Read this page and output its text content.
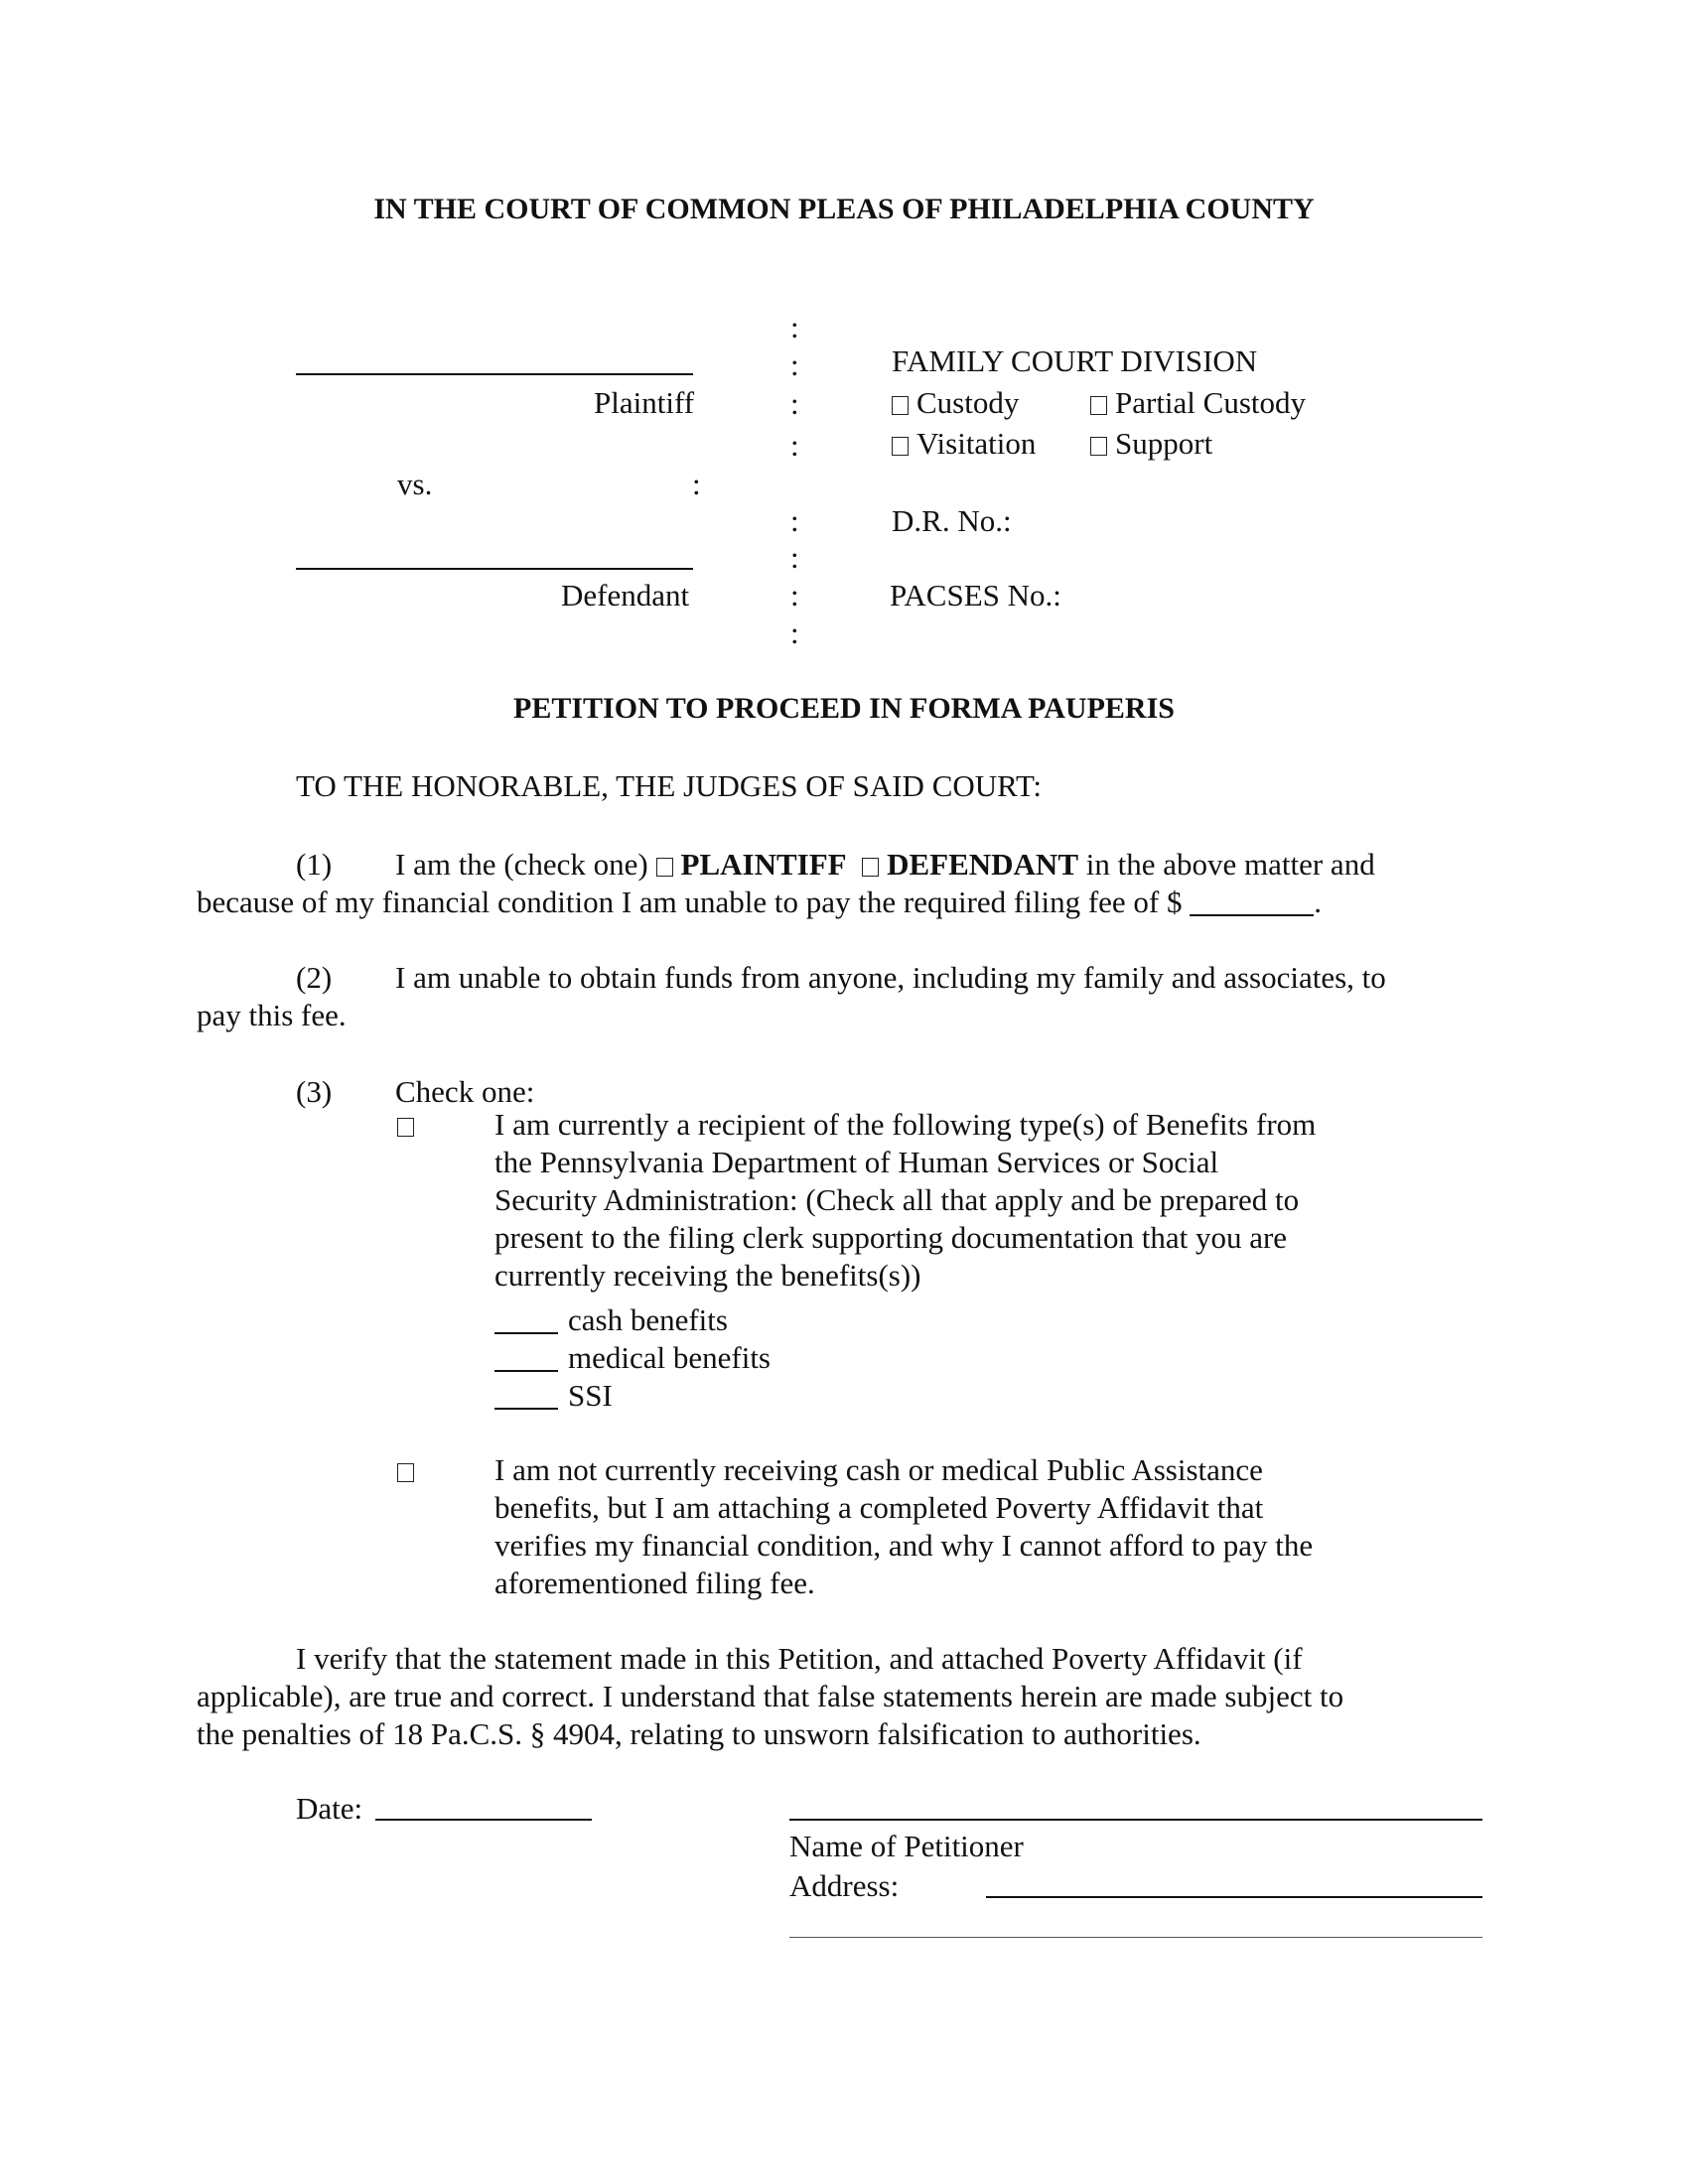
IN THE COURT OF COMMON PLEAS OF PHILADELPHIA COUNTY
Plaintiff
vs.	:
Defendant
:
:
:
:
:
:
:
:
FAMILY COURT DIVISION
Custody	Partial Custody
Visitation	Support
D.R. No.:
PACSES No.:
PETITION TO PROCEED IN FORMA PAUPERIS
TO THE HONORABLE, THE JUDGES OF SAID COURT:
(1) I am the (check one) PLAINTIFF DEFENDANT in the above matter and
because of my financial condition I am unable to pay the required filing fee of $	.
(2) I am unable to obtain funds from anyone, including my family and associates, to
pay this fee.
(3) Check one:
I am currently a recipient of the following type(s) of Benefits from
the Pennsylvania Department of Human Services or Social
Security Administration: (Check all that apply and be prepared to
present to the filing clerk supporting documentation that you are
currently receiving the benefits(s))
cash benefits
medical benefits
SSI
I am not currently receiving cash or medical Public Assistance
benefits, but I am attaching a completed Poverty Affidavit that
verifies my financial condition, and why I cannot afford to pay the
aforementioned filing fee.
I verify that the statement made in this Petition, and attached Poverty Affidavit (if
applicable), are true and correct. I understand that false statements herein are made subject to
the penalties of 18 Pa.C.S. § 4904, relating to unsworn falsification to authorities.
Date:
Name of Petitioner
Address:
